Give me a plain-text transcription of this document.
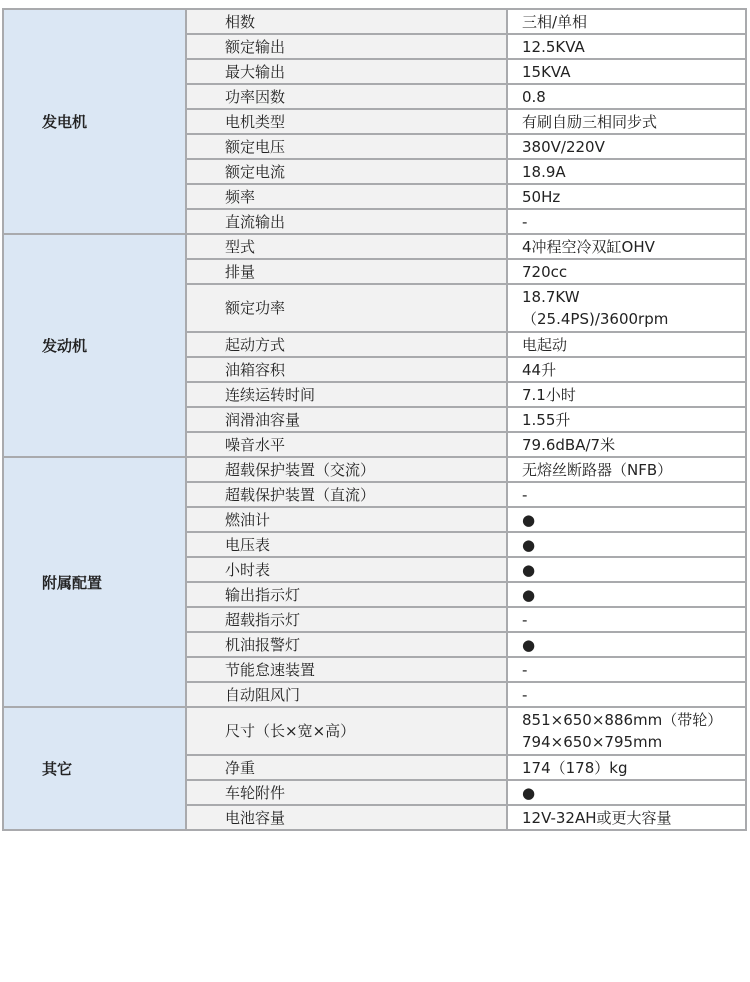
发电机	相数	三相/单相

	额定输出	12.5KVA

	最大输出	15KVA

	功率因数	0.8

	电机类型	有刷自励三相同步式

	额定电压	380V/220V

	额定电流	18.9A

	频率	50Hz

	直流输出	-

发动机	型式	4冲程空冷双缸OHV

	排量	720cc

	额定功率	18.7KW
（25.4PS)/3600rpm

	起动方式	电起动

	油箱容积	44升

	连续运转时间	7.1小时

	润滑油容量	1.55升

	噪音水平	79.6dBA/7米

附属配置	超载保护装置（交流）	无熔丝断路器（NFB）

	超载保护装置（直流）	-

	燃油计	●

	电压表	●

	小时表	●

	输出指示灯	●

	超载指示灯	-

	机油报警灯	●

	节能怠速装置	-

	自动阻风门	-

其它	尺寸（长×宽×高）	851×650×886mm（带轮）
794×650×795mm

	净重	174（178）kg

	车轮附件	●

	电池容量	12V-32AH或更大容量
